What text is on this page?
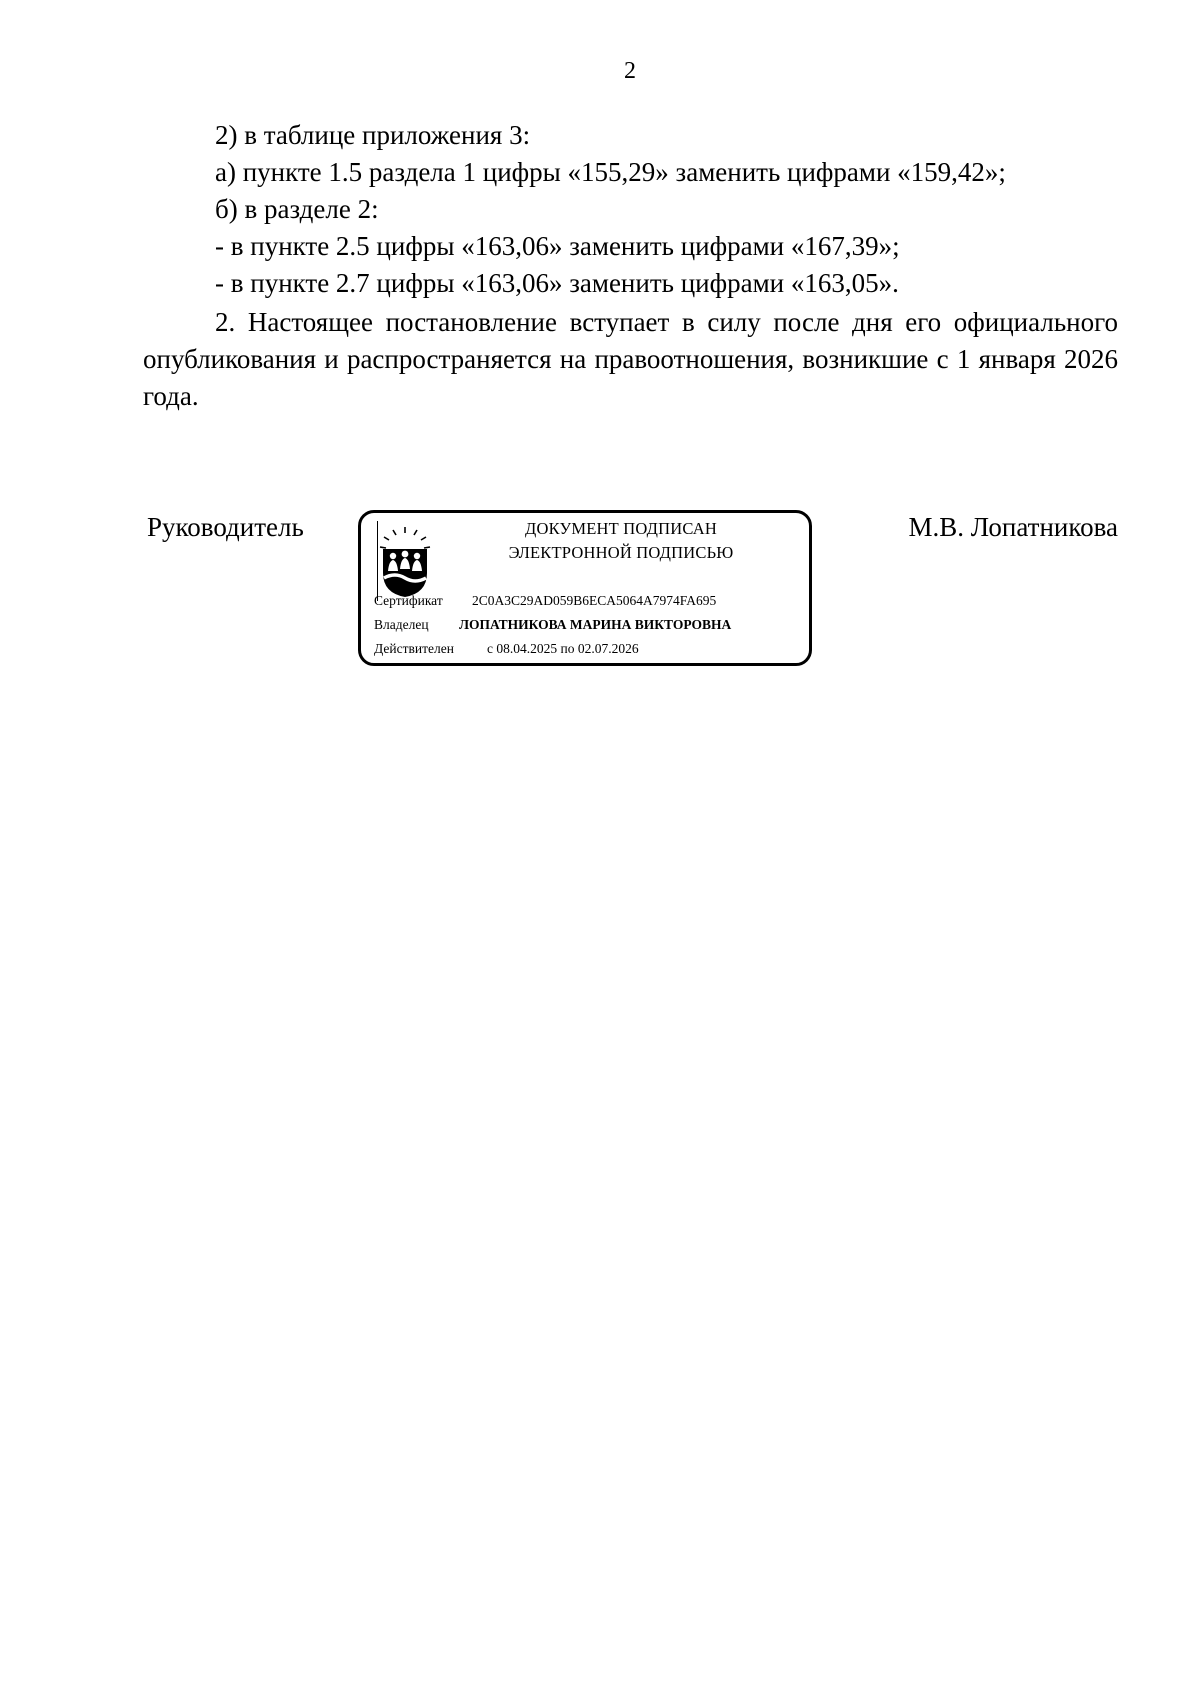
2
2) в таблице приложения 3:
а) пункте 1.5 раздела 1 цифры «155,29» заменить цифрами «159,42»;
б) в разделе 2:
- в пункте 2.5 цифры «163,06» заменить цифрами «167,39»;
- в пункте 2.7 цифры «163,06» заменить цифрами «163,05».
2. Настоящее постановление вступает в силу после дня его официального опубликования и распространяется на правоотношения, возникшие с 1 января 2026 года.
Руководитель	М.В. Лопатникова
ДОКУМЕНТ ПОДПИСАН
ЭЛЕКТРОННОЙ ПОДПИСЬЮ
Сертификат 2C0A3C29AD059B6ECA5064A7974FA695
Владелец ЛОПАТНИКОВА МАРИНА ВИКТОРОВНА
Действителен с 08.04.2025 по 02.07.2026
